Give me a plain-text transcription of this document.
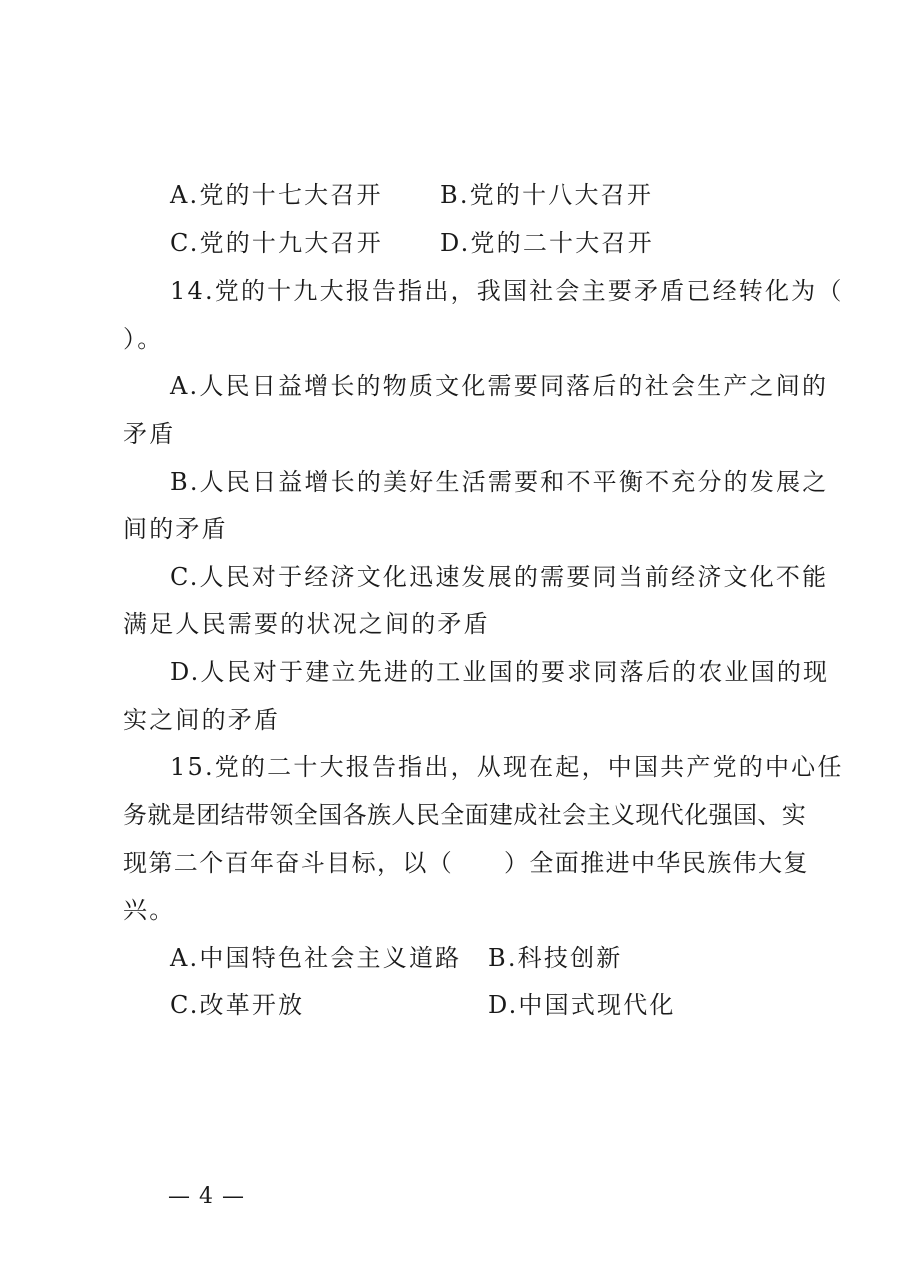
A.党的十七大召开 B.党的十八大召开
C.党的十九大召开 D.党的二十大召开
14.党的十九大报告指出，我国社会主要矛盾已经转化为（
）。
A.人民日益增长的物质文化需要同落后的社会生产之间的
矛盾
B.人民日益增长的美好生活需要和不平衡不充分的发展之
间的矛盾
C.人民对于经济文化迅速发展的需要同当前经济文化不能
满足人民需要的状况之间的矛盾
D.人民对于建立先进的工业国的要求同落后的农业国的现
实之间的矛盾
15.党的二十大报告指出，从现在起，中国共产党的中心任
务就是团结带领全国各族人民全面建成社会主义现代化强国、实
现第二个百年奋斗目标，以（　　）全面推进中华民族伟大复
兴。
A.中国特色社会主义道路 B.科技创新
C.改革开放	D.中国式现代化
— 4 —
